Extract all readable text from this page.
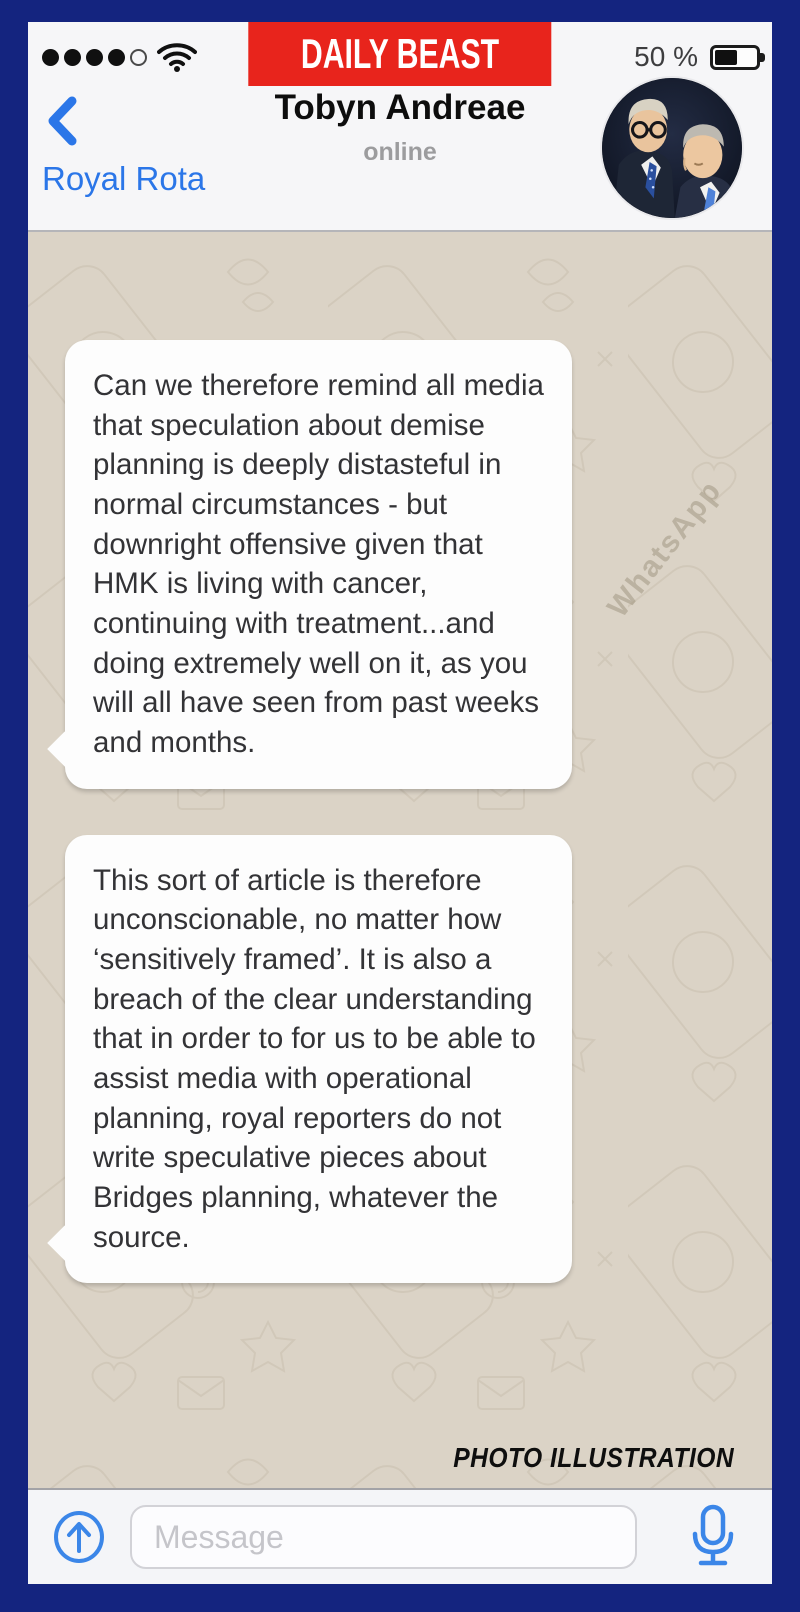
DAILY BEAST	50 %
Royal Rota
Tobyn Andreae
online
WhatsApp
Can we therefore remind all media that speculation about demise planning is deeply distasteful in normal circumstances - but downright offensive given that HMK is living with cancer, continuing with treatment...and doing extremely well on it, as you will all have seen from past weeks and months.
This sort of article is therefore unconscionable, no matter how ‘sensitively framed’. It is also a breach of the clear understanding that in order to for us to be able to assist media with operational planning, royal reporters do not write speculative pieces about Bridges planning, whatever the source.
PHOTO ILLUSTRATION
Message
